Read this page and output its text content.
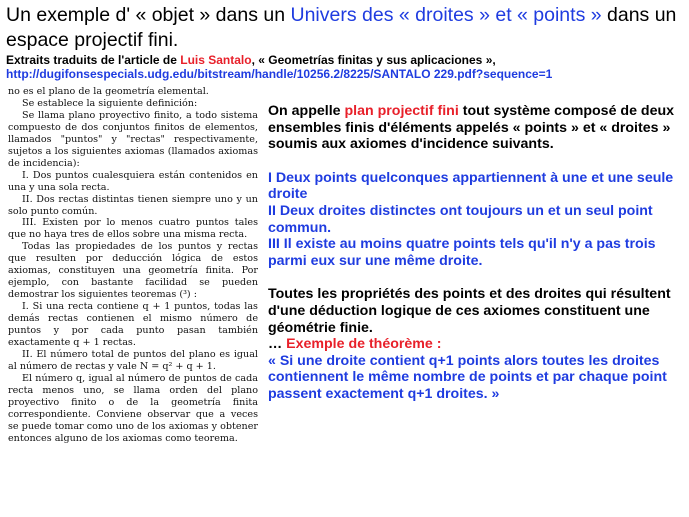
Un exemple d' « objet » dans un Univers des « droites » et « points » dans un espace projectif fini.
Extraits traduits de l'article de Luis Santalo, « Geometrías finitas y sus aplicaciones »,
http://dugifonsespecials.udg.edu/bitstream/handle/10256.2/8225/SANTALO 229.pdf?sequence=1

no es el plano de la geometría elemental.

Se establece la siguiente definición:

Se llama plano proyectivo finito, a todo sistema compuesto de dos conjuntos finitos de elementos, llamados "puntos" y "rectas" respectivamente, sujetos a los siguientes axiomas (llamados axiomas de incidencia):

I. Dos puntos cualesquiera están contenidos en una y una sola recta.

II. Dos rectas distintas tienen siempre uno y un solo punto común.

III. Existen por lo menos cuatro puntos tales que no haya tres de ellos sobre una misma recta.

Todas las propiedades de los puntos y rectas que resulten por deducción lógica de estos axiomas, constituyen una geometría finita. Por ejemplo, con bastante facilidad se pueden demostrar los siguientes teoremas (³) :

I. Si una recta contiene q + 1 puntos, todas las demás rectas contienen el mismo número de puntos y por cada punto pasan también exactamente q + 1 rectas.

II. El número total de puntos del plano es igual al número de rectas y vale N = q² + q + 1.

El número q, igual al número de puntos de cada recta menos uno, se llama orden del plano proyectivo finito o de la geometría finita correspondiente. Conviene observar que a veces se puede tomar como uno de los axiomas y obtener entonces alguno de los axiomas como teorema.

On appelle plan projectif fini tout système composé de deux ensembles finis d'éléments appelés « points » et « droites » soumis aux axiomes d'incidence suivants.

I Deux points quelconques appartiennent à une et une seule droite

II Deux droites distinctes ont toujours un et un seul point commun.

III Il existe au moins quatre points tels qu'il n'y a pas trois parmi eux sur une même droite.

Toutes les propriétés des points et des droites qui résultent d'une déduction logique de ces axiomes constituent une géométrie finie.

… Exemple de théorème :

« Si une droite contient q+1 points alors toutes les droites contiennent le même nombre de points et par chaque point passent exactement q+1 droites. »
